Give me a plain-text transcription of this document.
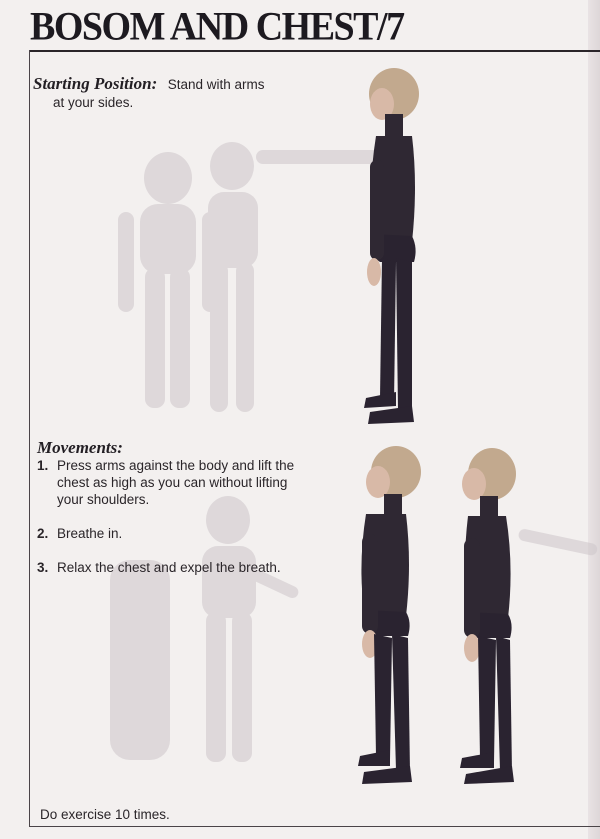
BOSOM AND CHEST/7
Starting Position: Stand with arms
at your sides.
Movements:
1. Press arms against the body and lift the chest as high as you can without lifting your shoulders.
2. Breathe in.
3. Relax the chest and expel the breath.
Do exercise 10 times.
